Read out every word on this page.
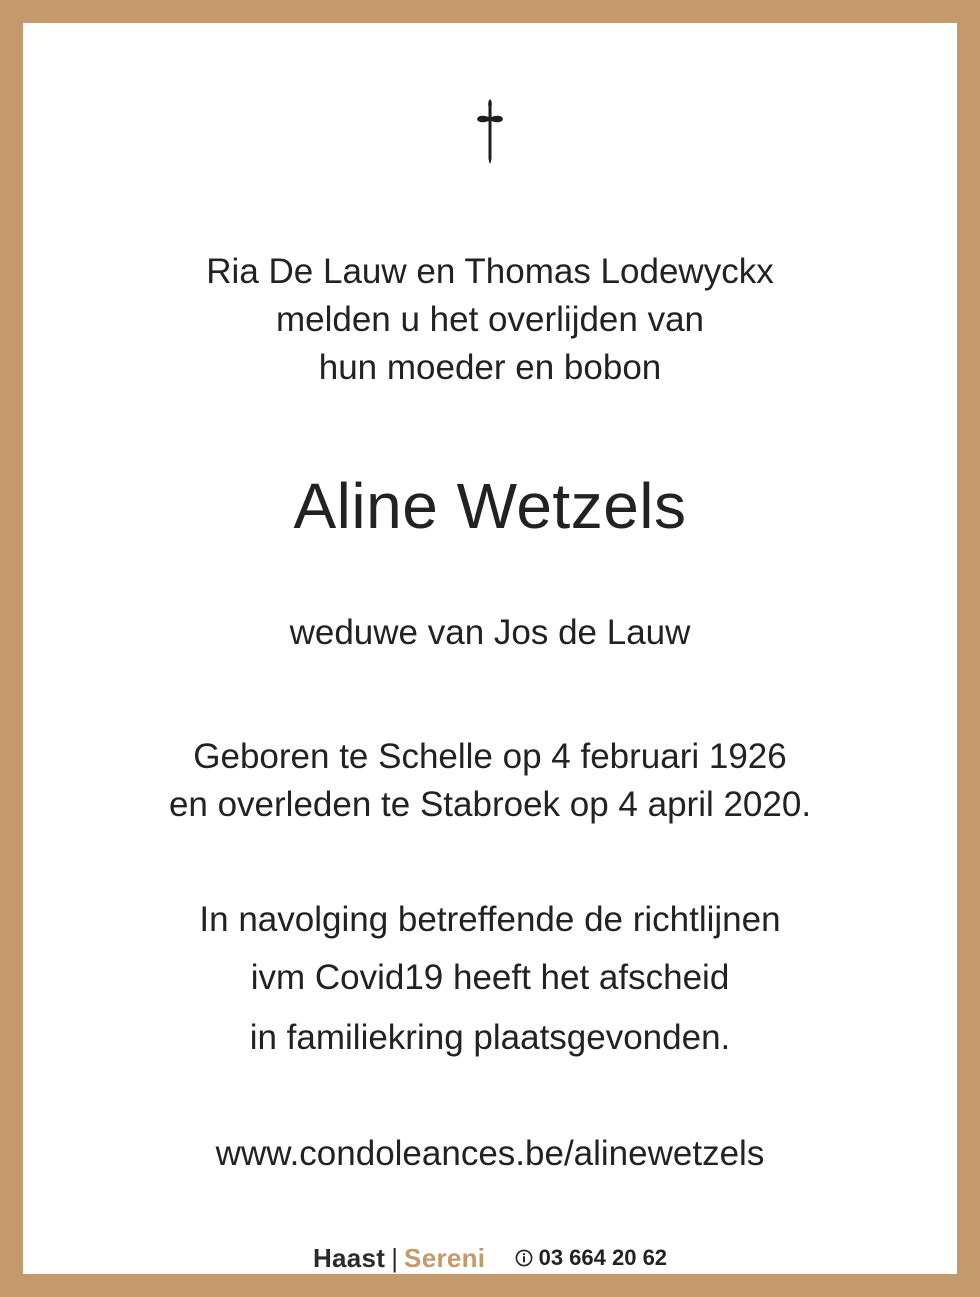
Ria De Lauw en Thomas Lodewyckx
melden u het overlijden van
hun moeder en bobon
Aline Wetzels
weduwe van Jos de Lauw
Geboren te Schelle op 4 februari 1926
en overleden te Stabroek op 4 april 2020.
In navolging betreffende de richtlijnen
ivm Covid19 heeft het afscheid
in familiekring plaatsgevonden.
www.condoleances.be/alinewetzels
Haast | Sereni 03 664 20 62
